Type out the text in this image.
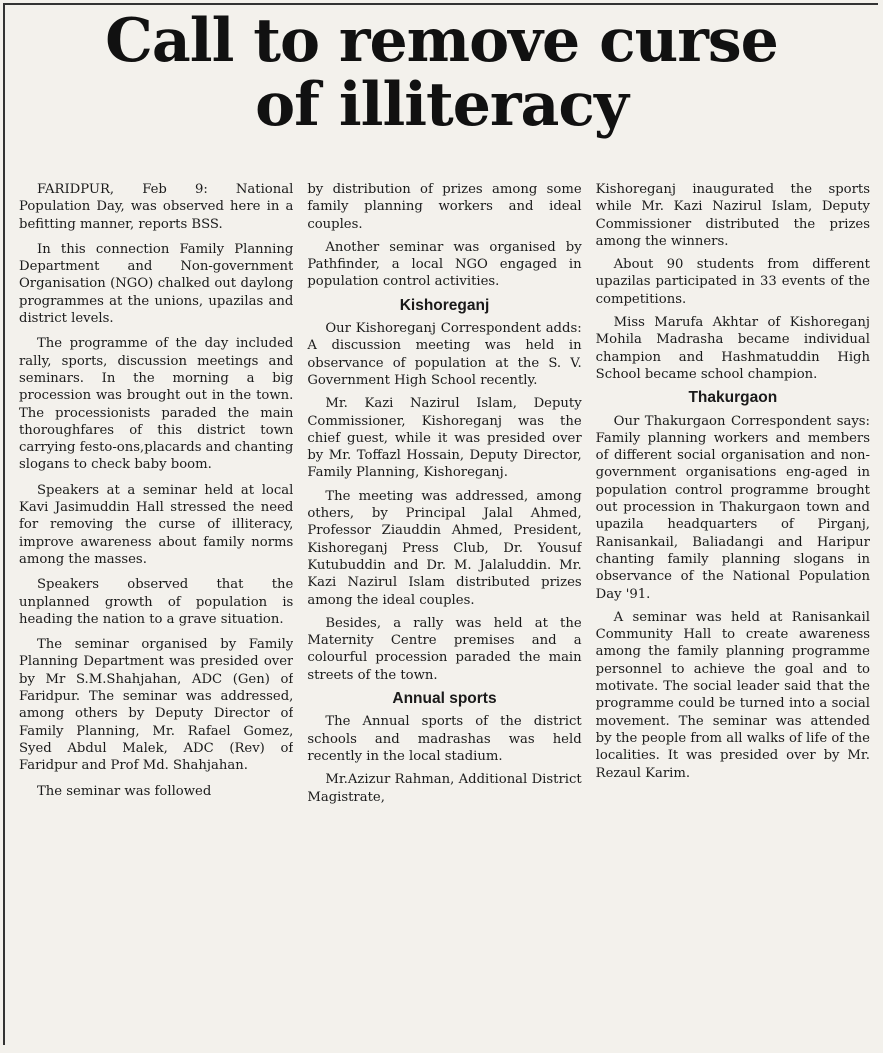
Call to remove curse
of illiteracy

FARIDPUR, Feb 9: National Population Day, was observed here in a befitting manner, reports BSS.

In this connection Family Planning Department and Non-government Organisation (NGO) chalked out daylong programmes at the unions, upazilas and district levels.

The programme of the day included rally, sports, discussion meetings and seminars. In the morning a big procession was brought out in the town. The processionists paraded the main thoroughfares of this district town carrying festo-ons,placards and chanting slogans to check baby boom.

Speakers at a seminar held at local Kavi Jasimuddin Hall stressed the need for removing the curse of illiteracy, improve awareness about family norms among the masses.

Speakers observed that the unplanned growth of population is heading the nation to a grave situation.

The seminar organised by Family Planning Department was presided over by Mr S.M.Shahjahan, ADC (Gen) of Faridpur. The seminar was addressed, among others by Deputy Director of Family Planning, Mr. Rafael Gomez, Syed Abdul Malek, ADC (Rev) of Faridpur and Prof Md. Shahjahan.

The seminar was followed

by distribution of prizes among some family planning workers and ideal couples.

Another seminar was organised by Pathfinder, a local NGO engaged in population control activities.

Kishoreganj

Our Kishoreganj Correspondent adds: A discussion meeting was held in observance of population at the S. V. Government High School recently.

Mr. Kazi Nazirul Islam, Deputy Commissioner, Kishoreganj was the chief guest, while it was presided over by Mr. Toffazl Hossain, Deputy Director, Family Planning, Kishoreganj.

The meeting was addressed, among others, by Principal Jalal Ahmed, Professor Ziauddin Ahmed, President, Kishoreganj Press Club, Dr. Yousuf Kutubuddin and Dr. M. Jalaluddin. Mr. Kazi Nazirul Islam distributed prizes among the ideal couples.

Besides, a rally was held at the Maternity Centre premises and a colourful procession paraded the main streets of the town.

Annual sports

The Annual sports of the district schools and madrashas was held recently in the local stadium.

Mr.Azizur Rahman, Additional District Magistrate,

Kishoreganj inaugurated the sports while Mr. Kazi Nazirul Islam, Deputy Commissioner distributed the prizes among the winners.

About 90 students from different upazilas participated in 33 events of the competitions.

Miss Marufa Akhtar of Kishoreganj Mohila Madrasha became individual champion and Hashmatuddin High School became school champion.

Thakurgaon

Our Thakurgaon Correspondent says: Family planning workers and members of different social organisation and non-government organisations eng-aged in population control programme brought out procession in Thakurgaon town and upazila headquarters of Pirganj, Ranisankail, Baliadangi and Haripur chanting family planning slogans in observance of the National Population Day '91.

A seminar was held at Ranisankail Community Hall to create awareness among the family planning programme personnel to achieve the goal and to motivate. The social leader said that the programme could be turned into a social movement. The seminar was attended by the people from all walks of life of the localities. It was presided over by Mr. Rezaul Karim.
